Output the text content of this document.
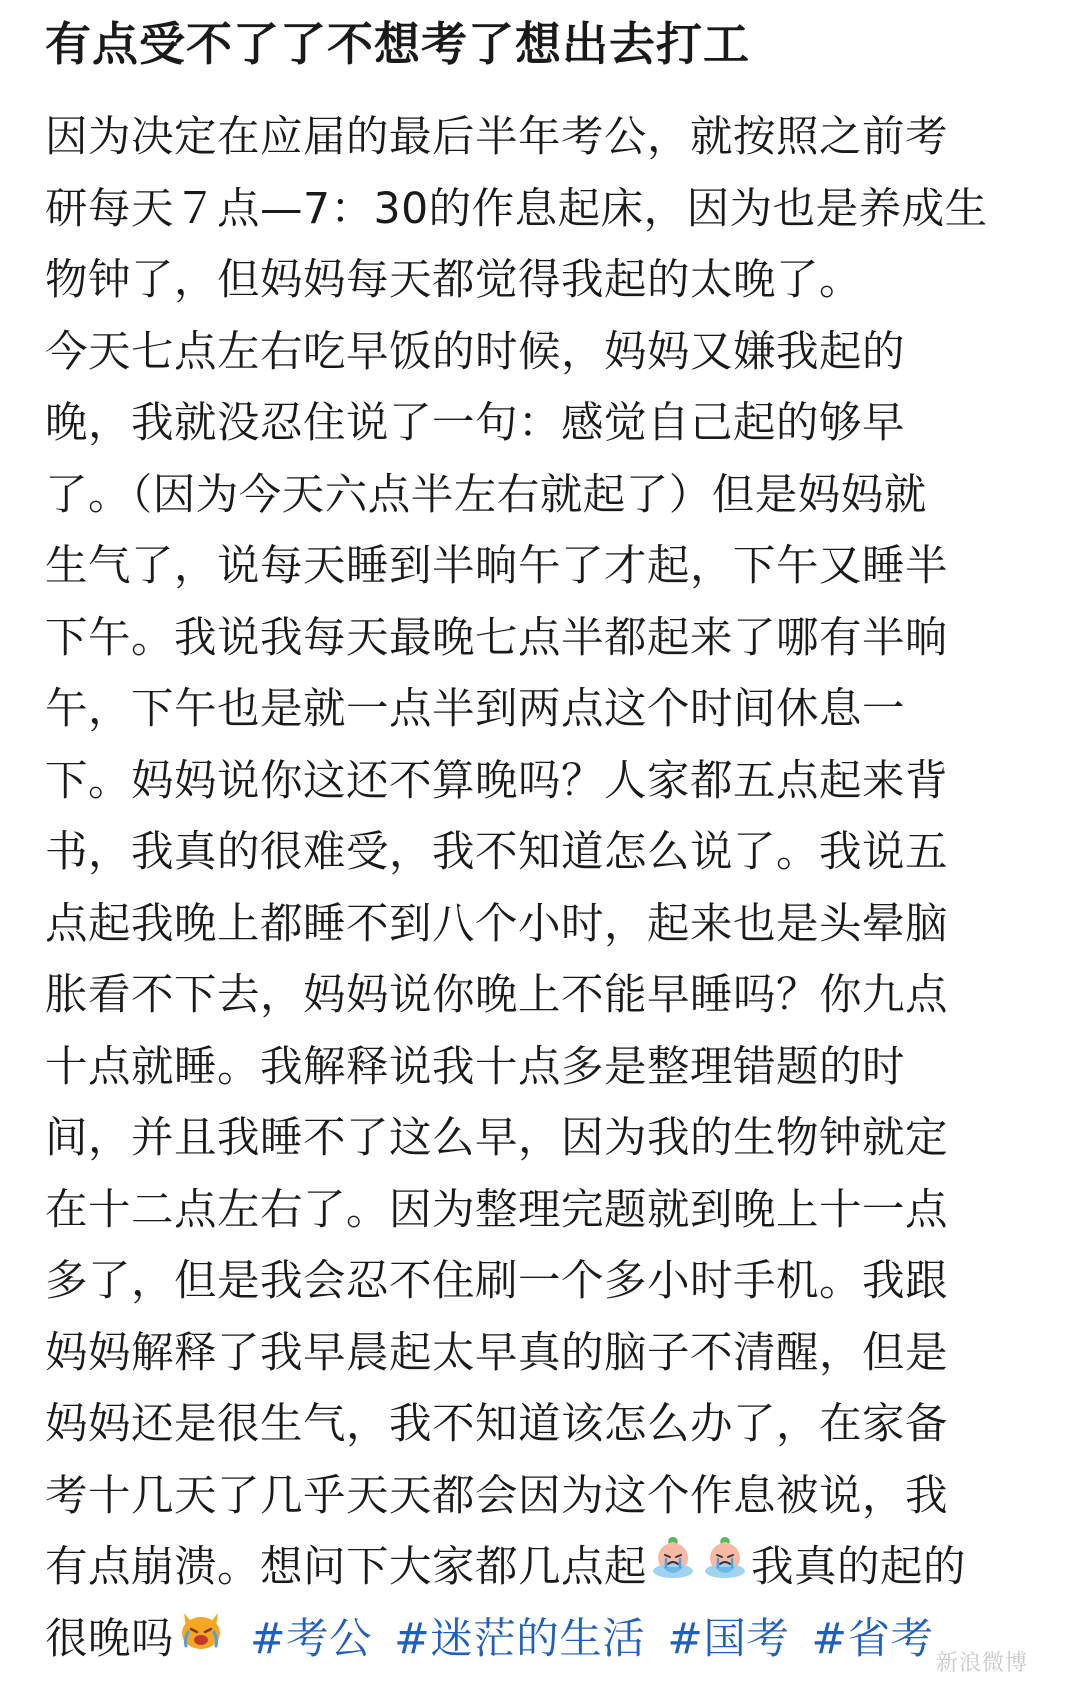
有点受不了了不想考了想出去打工
因为决定在应届的最后半年考公，就按照之前考
研每天７点—7：30的作息起床，因为也是养成生
物钟了，但妈妈每天都觉得我起的太晚了。
今天七点左右吃早饭的时候，妈妈又嫌我起的
晚，我就没忍住说了一句：感觉自己起的够早
了。（因为今天六点半左右就起了）但是妈妈就
生气了，说每天睡到半晌午了才起，下午又睡半
下午。我说我每天最晚七点半都起来了哪有半晌
午，下午也是就一点半到两点这个时间休息一
下。妈妈说你这还不算晚吗？人家都五点起来背
书，我真的很难受，我不知道怎么说了。我说五
点起我晚上都睡不到八个小时，起来也是头晕脑
胀看不下去，妈妈说你晚上不能早睡吗？你九点
十点就睡。我解释说我十点多是整理错题的时
间，并且我睡不了这么早，因为我的生物钟就定
在十二点左右了。因为整理完题就到晚上十一点
多了，但是我会忍不住刷一个多小时手机。我跟
妈妈解释了我早晨起太早真的脑子不清醒，但是
妈妈还是很生气，我不知道该怎么办了，在家备
考十几天了几乎天天都会因为这个作息被说，我
有点崩溃。想问下大家都几点起 我真的起的
很晚吗 #考公 #迷茫的生活 #国考 #省考 新浪微博
